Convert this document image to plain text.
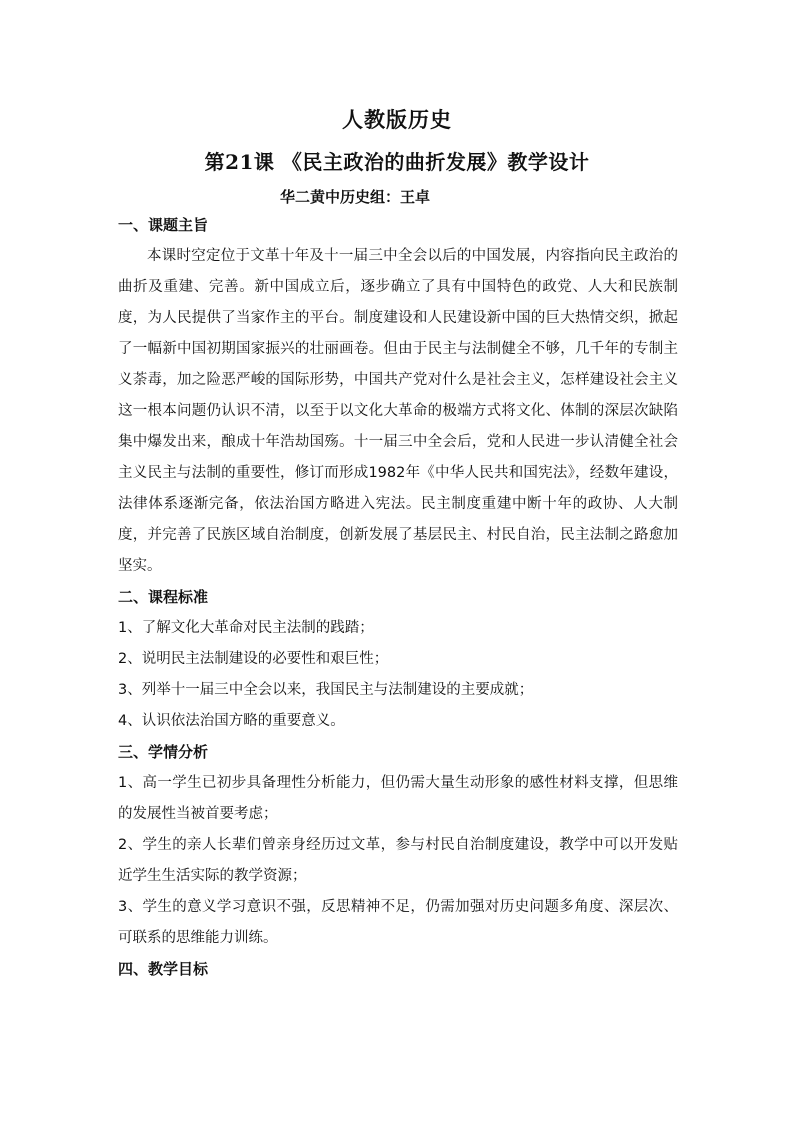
人教版历史
第21课 《民主政治的曲折发展》教学设计
华二黄中历史组：王卓
一、课题主旨
本课时空定位于文革十年及十一届三中全会以后的中国发展，内容指向民主政治的曲折及重建、完善。新中国成立后，逐步确立了具有中国特色的政党、人大和民族制度，为人民提供了当家作主的平台。制度建设和人民建设新中国的巨大热情交织，掀起了一幅新中国初期国家振兴的壮丽画卷。但由于民主与法制健全不够，几千年的专制主义荼毒，加之险恶严峻的国际形势，中国共产党对什么是社会主义，怎样建设社会主义这一根本问题仍认识不清，以至于以文化大革命的极端方式将文化、体制的深层次缺陷集中爆发出来，酿成十年浩劫国殇。十一届三中全会后，党和人民进一步认清健全社会主义民主与法制的重要性，修订而形成1982年《中华人民共和国宪法》，经数年建设，法律体系逐渐完备，依法治国方略进入宪法。民主制度重建中断十年的政协、人大制度，并完善了民族区域自治制度，创新发展了基层民主、村民自治，民主法制之路愈加坚实。
二、课程标准
1、了解文化大革命对民主法制的践踏；
2、说明民主法制建设的必要性和艰巨性；
3、列举十一届三中全会以来，我国民主与法制建设的主要成就；
4、认识依法治国方略的重要意义。
三、学情分析
1、高一学生已初步具备理性分析能力，但仍需大量生动形象的感性材料支撑，但思维的发展性当被首要考虑；
2、学生的亲人长辈们曾亲身经历过文革，参与村民自治制度建设，教学中可以开发贴近学生生活实际的教学资源；
3、学生的意义学习意识不强，反思精神不足，仍需加强对历史问题多角度、深层次、可联系的思维能力训练。
四、教学目标
